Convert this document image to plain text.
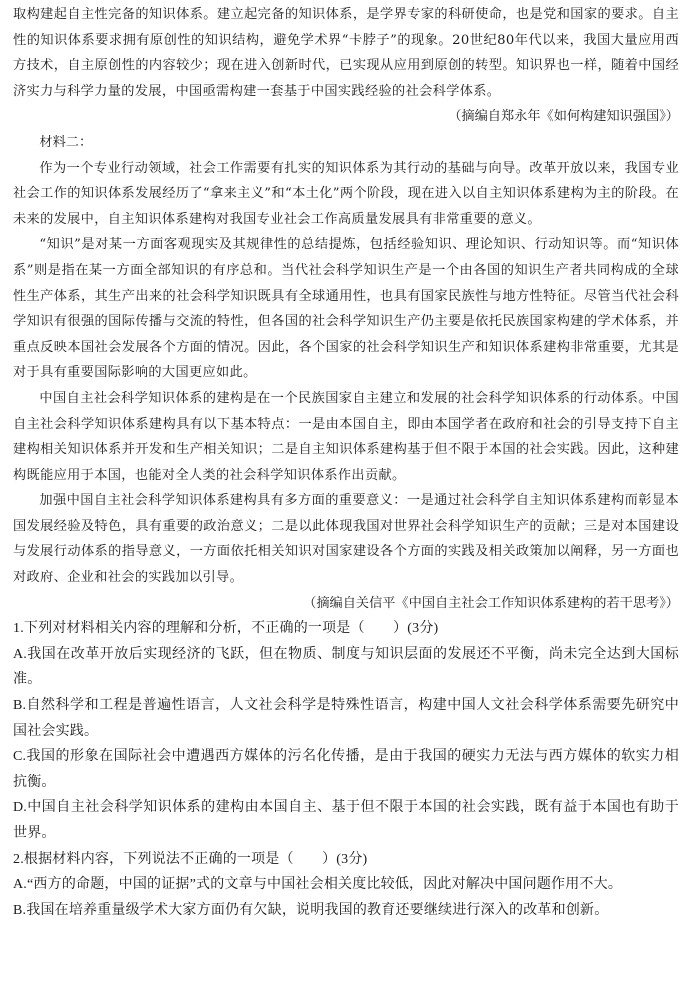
取构建起自主性完备的知识体系。建立起完备的知识体系，是学界专家的科研使命，也是党和国家的要求。自主性的知识体系要求拥有原创性的知识结构，避免学术界“卡脖子”的现象。20世纪80年代以来，我国大量应用西方技术，自主原创性的内容较少；现在进入创新时代，已实现从应用到原创的转型。知识界也一样，随着中国经济实力与科学力量的发展，中国亟需构建一套基于中国实践经验的社会科学体系。

（摘编自郑永年《如何构建知识强国》）

材料二：

作为一个专业行动领域，社会工作需要有扎实的知识体系为其行动的基础与向导。改革开放以来，我国专业社会工作的知识体系发展经历了“拿来主义”和“本土化”两个阶段，现在进入以自主知识体系建构为主的阶段。在未来的发展中，自主知识体系建构对我国专业社会工作高质量发展具有非常重要的意义。

“知识”是对某一方面客观现实及其规律性的总结提炼，包括经验知识、理论知识、行动知识等。而“知识体系”则是指在某一方面全部知识的有序总和。当代社会科学知识生产是一个由各国的知识生产者共同构成的全球性生产体系，其生产出来的社会科学知识既具有全球通用性，也具有国家民族性与地方性特征。尽管当代社会科学知识有很强的国际传播与交流的特性，但各国的社会科学知识生产仍主要是依托民族国家构建的学术体系，并重点反映本国社会发展各个方面的情况。因此，各个国家的社会科学知识生产和知识体系建构非常重要，尤其是对于具有重要国际影响的大国更应如此。

中国自主社会科学知识体系的建构是在一个民族国家自主建立和发展的社会科学知识体系的行动体系。中国自主社会科学知识体系建构具有以下基本特点：一是由本国自主，即由本国学者在政府和社会的引导支持下自主建构相关知识体系并开发和生产相关知识；二是自主知识体系建构基于但不限于本国的社会实践。因此，这种建构既能应用于本国，也能对全人类的社会科学知识体系作出贡献。

加强中国自主社会科学知识体系建构具有多方面的重要意义：一是通过社会科学自主知识体系建构而彰显本国发展经验及特色，具有重要的政治意义；二是以此体现我国对世界社会科学知识生产的贡献；三是对本国建设与发展行动体系的指导意义，一方面依托相关知识对国家建设各个方面的实践及相关政策加以阐释，另一方面也对政府、企业和社会的实践加以引导。

（摘编自关信平《中国自主社会工作知识体系建构的若干思考》）

1.下列对材料相关内容的理解和分析，不正确的一项是（　　）(3分)

A.我国在改革开放后实现经济的飞跃，但在物质、制度与知识层面的发展还不平衡，尚未完全达到大国标准。

B.自然科学和工程是普遍性语言，人文社会科学是特殊性语言，构建中国人文社会科学体系需要先研究中国社会实践。

C.我国的形象在国际社会中遭遇西方媒体的污名化传播，是由于我国的硬实力无法与西方媒体的软实力相抗衡。

D.中国自主社会科学知识体系的建构由本国自主、基于但不限于本国的社会实践，既有益于本国也有助于世界。

2.根据材料内容，下列说法不正确的一项是（　　）(3分)

A.“西方的命题，中国的证据”式的文章与中国社会相关度比较低，因此对解决中国问题作用不大。

B.我国在培养重量级学术大家方面仍有欠缺，说明我国的教育还要继续进行深入的改革和创新。
